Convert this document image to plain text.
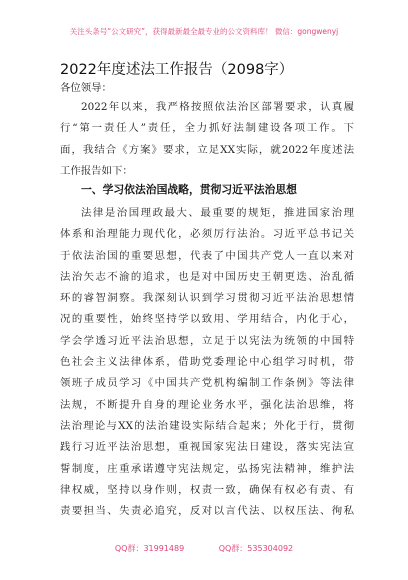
关注头条号“公文研究”，获得最新最全最专业的公文资料库！ 微信：gongwenyj
2022年度述法工作报告（2098字）
各位领导：
2022年以来，我严格按照依法治区部署要求，认真履
行“第一责任人”责任，全力抓好法制建设各项工作。下
面，我结合《方案》要求，立足XX实际，就2022年度述法
工作报告如下：
一、学习依法治国战略，贯彻习近平法治思想
法律是治国理政最大、最重要的规矩，推进国家治理
体系和治理能力现代化，必须厉行法治。习近平总书记关
于依法治国的重要思想，代表了中国共产党人一直以来对
法治矢志不渝的追求，也是对中国历史王朝更迭、治乱循
环的睿智洞察。我深刻认识到学习贯彻习近平法治思想情
况的重要性，始终坚持学以致用、学用结合，内化于心，
学会学透习近平法治思想，立足于以宪法为统领的中国特
色社会主义法律体系，借助党委理论中心组学习时机，带
领班子成员学习《中国共产党机构编制工作条例》等法律
法规，不断提升自身的理论业务水平，强化法治思维，将
法治理论与XX的法治建设实际结合起来；外化于行，贯彻
践行习近平法治思想，重视国家宪法日建设，落实宪法宣
誓制度，庄重承诺遵守宪法规定，弘扬宪法精神，维护法
律权威，坚持以身作则，权责一致，确保有权必有责、有
责要担当、失责必追究，反对以言代法、以权压法、徇私
QQ群：31991489	QQ群：535304092
